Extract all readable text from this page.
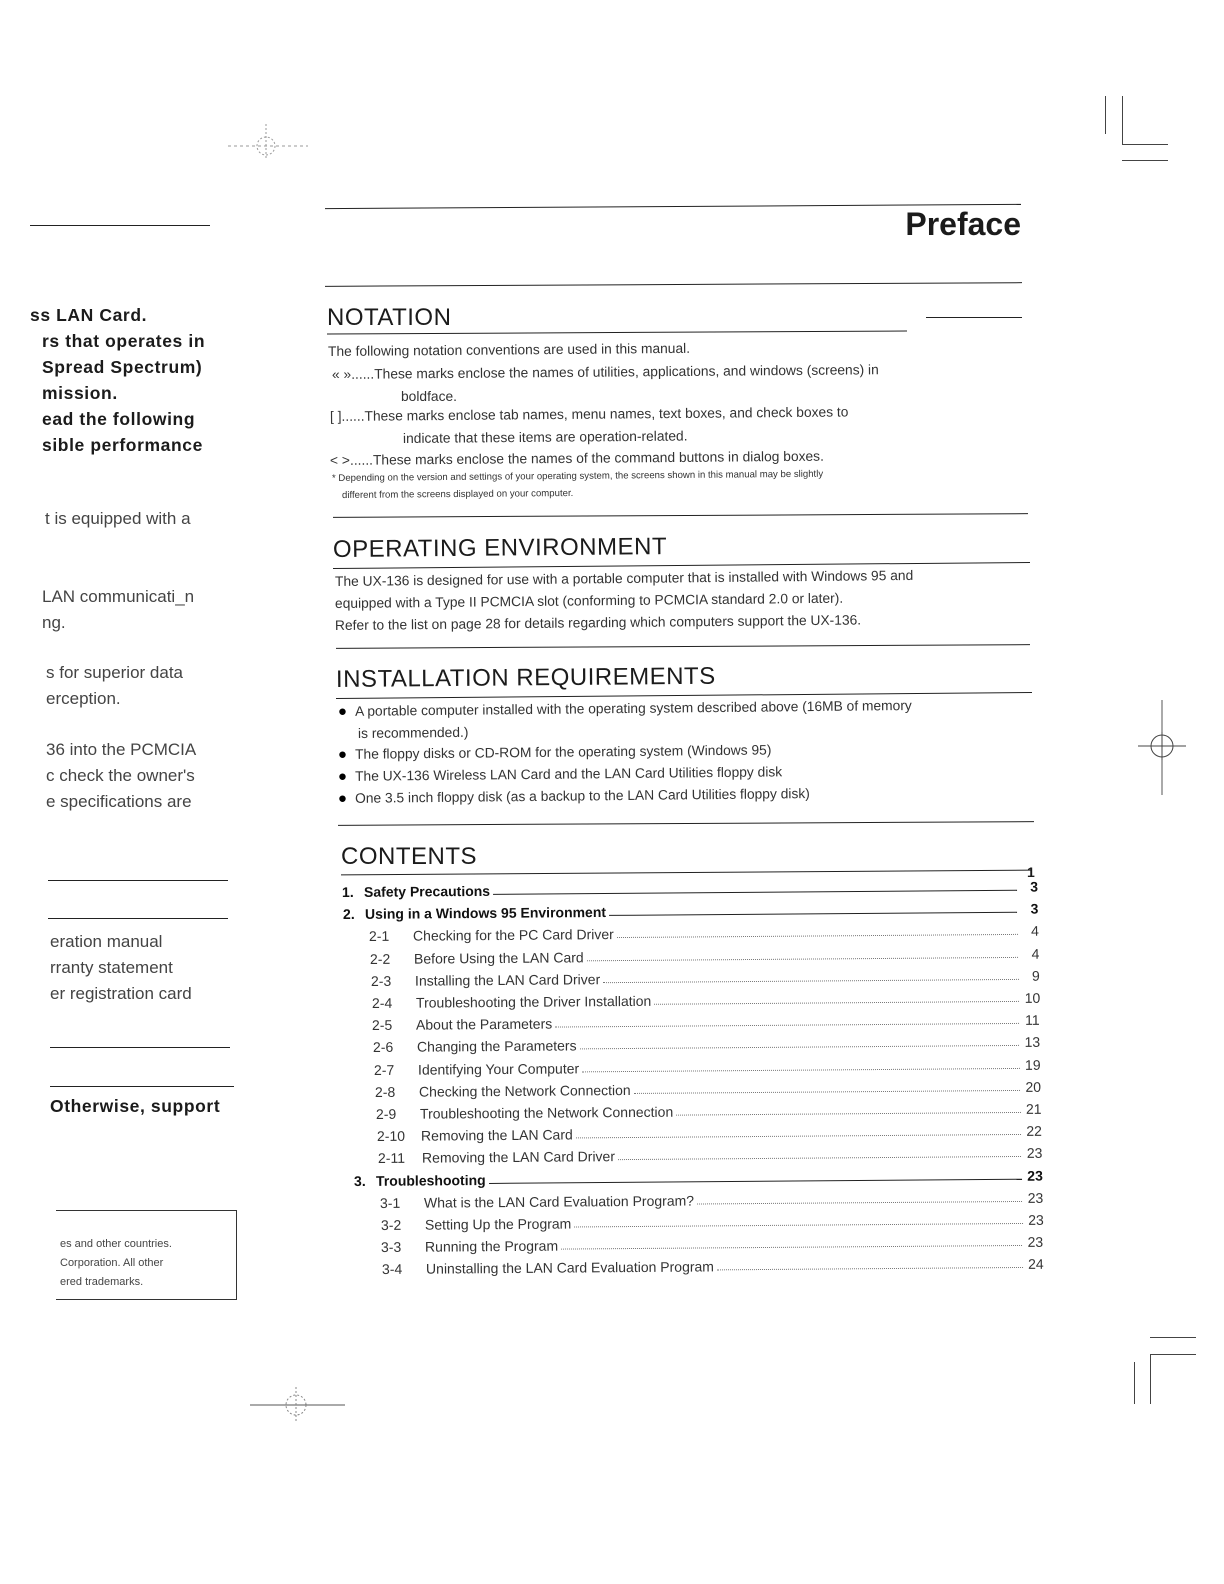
ss LAN Card.
rs that operates in
Spread Spectrum)
mission.
ead the following
sible performance
t is equipped with a
LAN communicati_n
ng.
s for superior data
erception.
36 into the PCMCIA
c check the owner's
e specifications are
eration manual
rranty statement
er registration card
Otherwise, support
es and other countries.
Corporation. All other
ered trademarks.
Preface
NOTATION
The following notation conventions are used in this manual.
« »......These marks enclose the names of utilities, applications, and windows (screens) in
boldface.
[ ]......These marks enclose tab names, menu names, text boxes, and check boxes to
indicate that these items are operation-related.
< >......These marks enclose the names of the command buttons in dialog boxes.
* Depending on the version and settings of your operating system, the screens shown in this manual may be slightly
different from the screens displayed on your computer.
OPERATING ENVIRONMENT
The UX-136 is designed for use with a portable computer that is installed with Windows 95 and
equipped with a Type II PCMCIA slot (conforming to PCMCIA standard 2.0 or later).
Refer to the list on page 28 for details regarding which computers support the UX-136.
INSTALLATION REQUIREMENTS
● A portable computer installed with the operating system described above (16MB of memory
is recommended.)
● The floppy disks or CD-ROM for the operating system (Windows 95)
● The UX-136 Wireless LAN Card and the LAN Card Utilities floppy disk
● One 3.5 inch floppy disk (as a backup to the LAN Card Utilities floppy disk)
CONTENTS
1
1. Safety Precautions	3
2. Using in a Windows 95 Environment	3
2-1	Checking for the PC Card Driver	4
2-2	Before Using the LAN Card	4
2-3	Installing the LAN Card Driver	9
2-4	Troubleshooting the Driver Installation	10
2-5	About the Parameters	11
2-6	Changing the Parameters	13
2-7	Identifying Your Computer	19
2-8	Checking the Network Connection	20
2-9	Troubleshooting the Network Connection	21
2-10	Removing the LAN Card	22
2-11	Removing the LAN Card Driver	23
3. Troubleshooting	23
3-1	What is the LAN Card Evaluation Program?	23
3-2	Setting Up the Program	23
3-3	Running the Program	23
3-4	Uninstalling the LAN Card Evaluation Program	24
